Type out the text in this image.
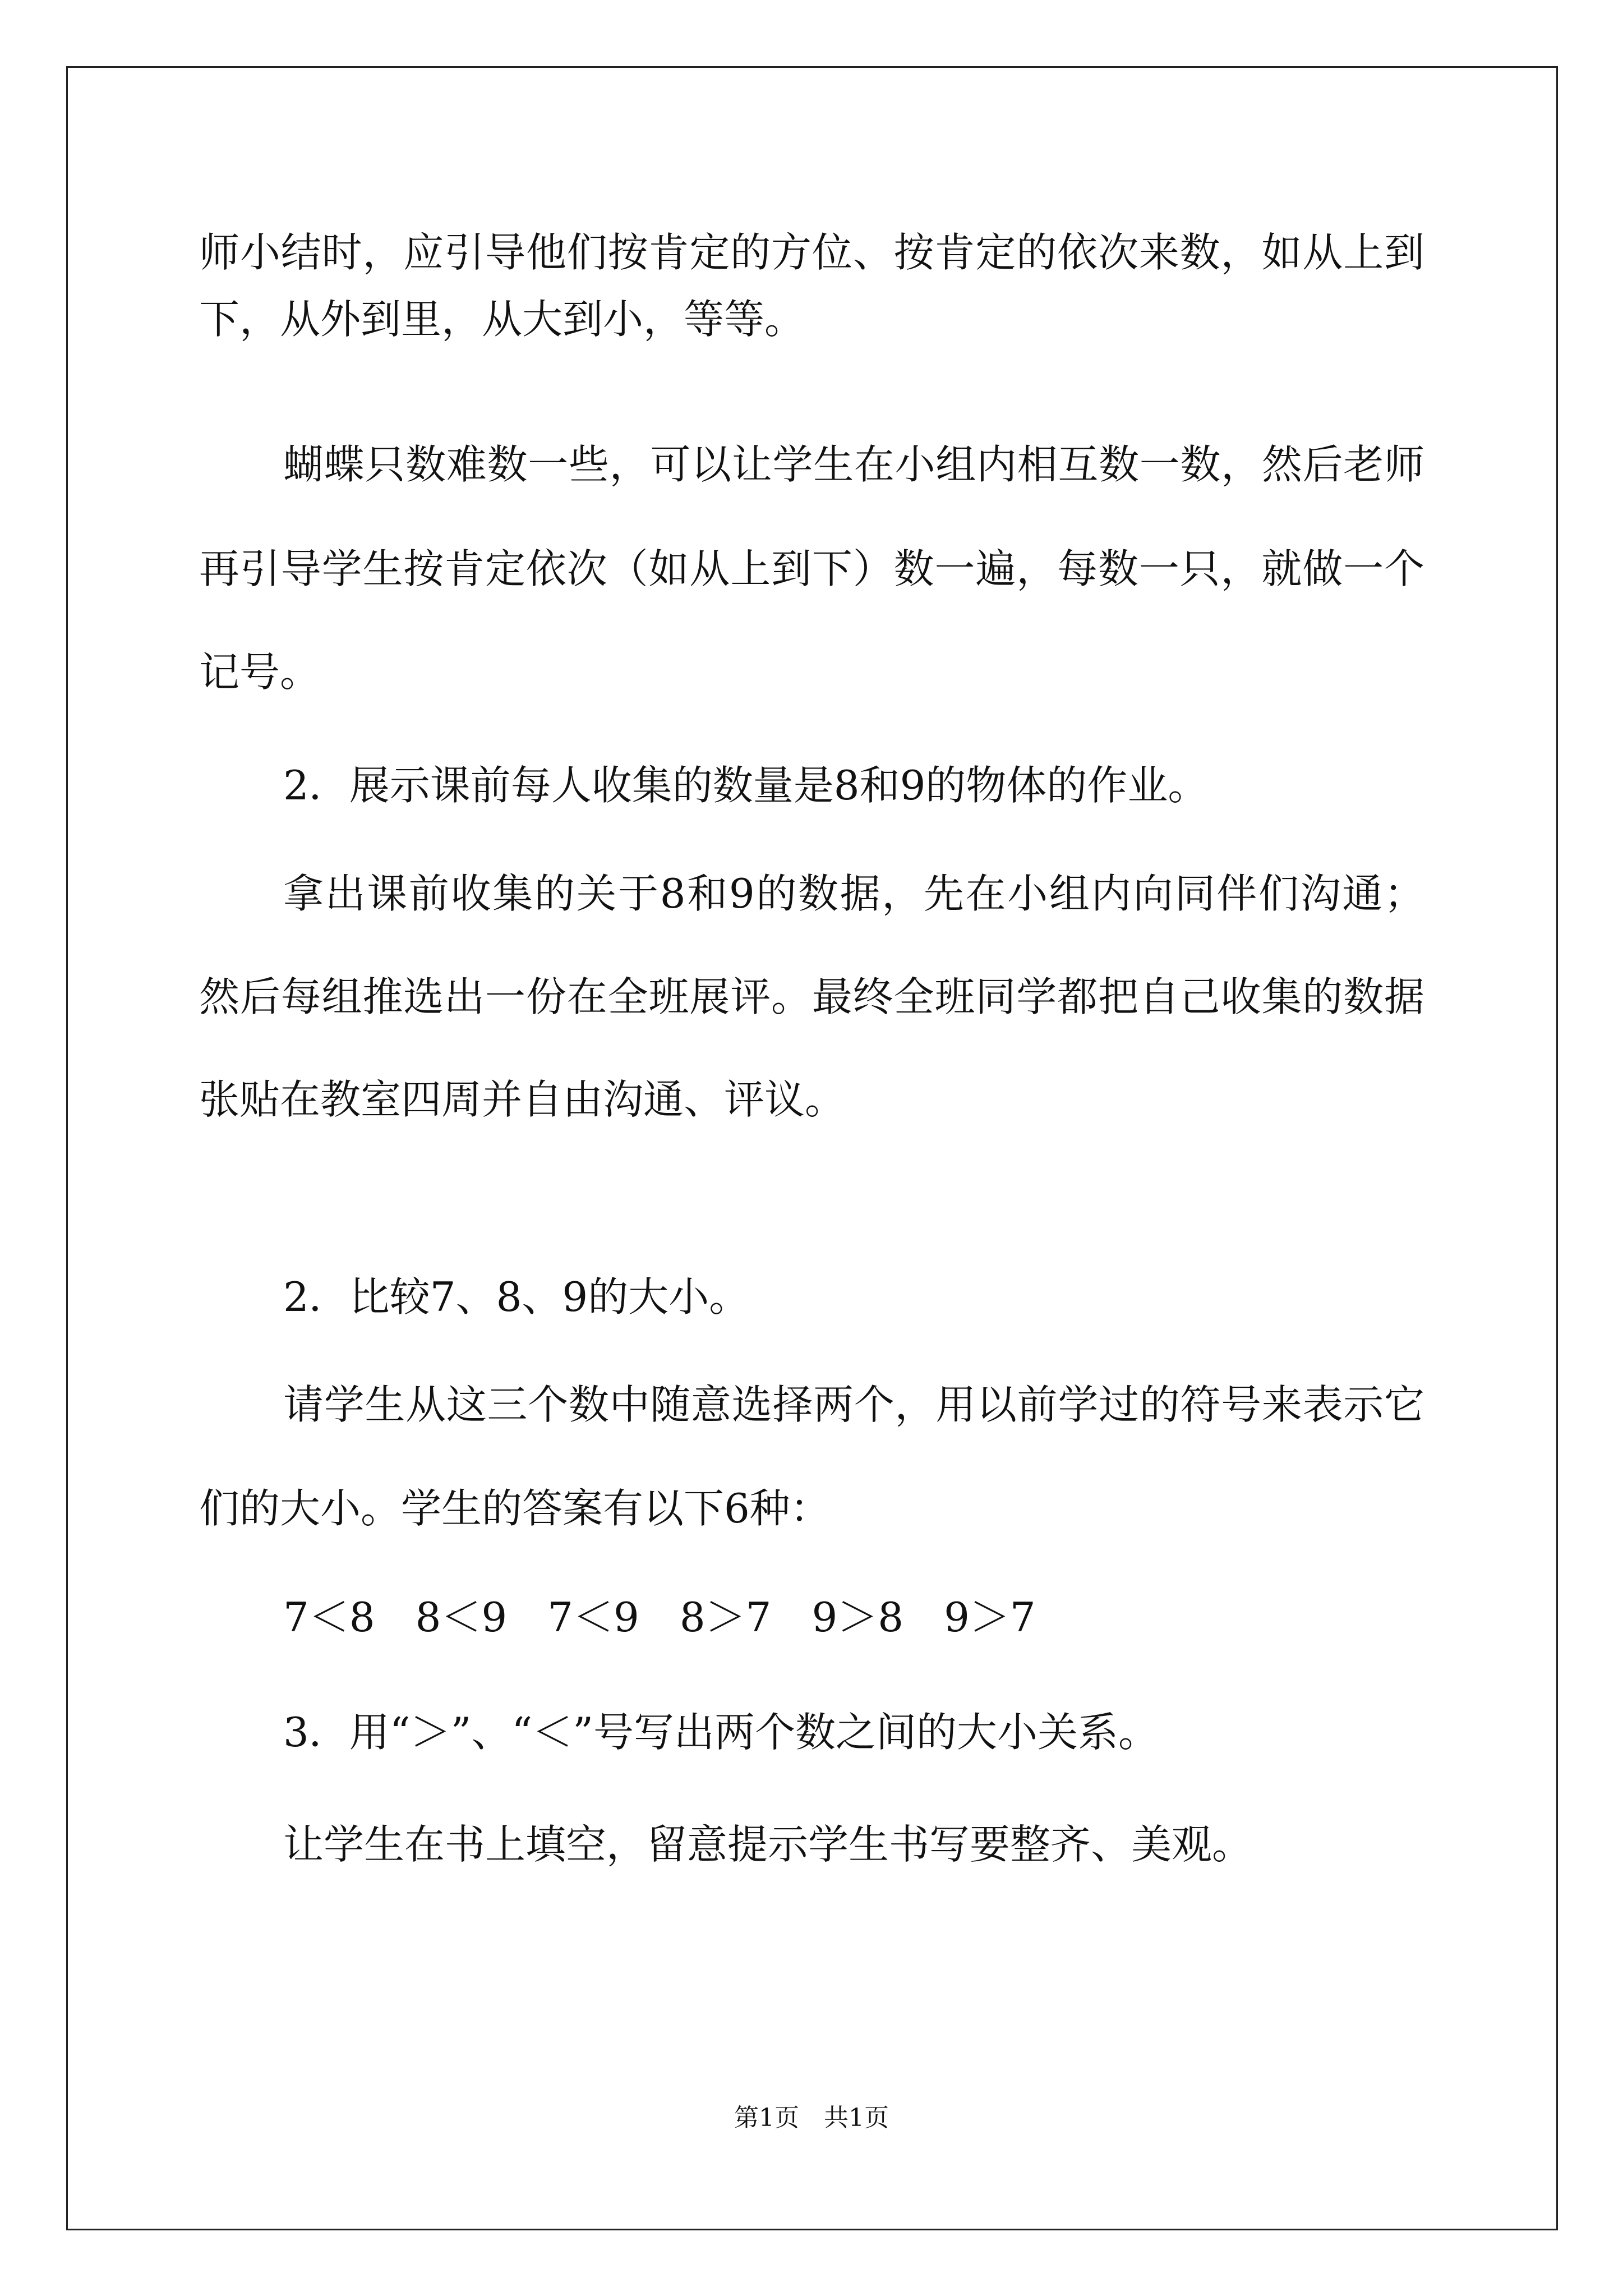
师小结时，应引导他们按肯定的方位、按肯定的依次来数，如从上到
下，从外到里，从大到小，等等。
蝴蝶只数难数一些，可以让学生在小组内相互数一数，然后老师
再引导学生按肯定依次（如从上到下）数一遍，每数一只，就做一个
记号。
2．展示课前每人收集的数量是8和9的物体的作业。
拿出课前收集的关于8和9的数据，先在小组内向同伴们沟通；
然后每组推选出一份在全班展评。最终全班同学都把自己收集的数据
张贴在教室四周并自由沟通、评议。
2．比较7、8、9的大小。
请学生从这三个数中随意选择两个，用以前学过的符号来表示它
们的大小。学生的答案有以下6种：
7＜8　8＜9　7＜9　8＞7　9＞8　9＞7
3．用“＞”、“＜”号写出两个数之间的大小关系。
让学生在书上填空，留意提示学生书写要整齐、美观。
第1页　共1页
